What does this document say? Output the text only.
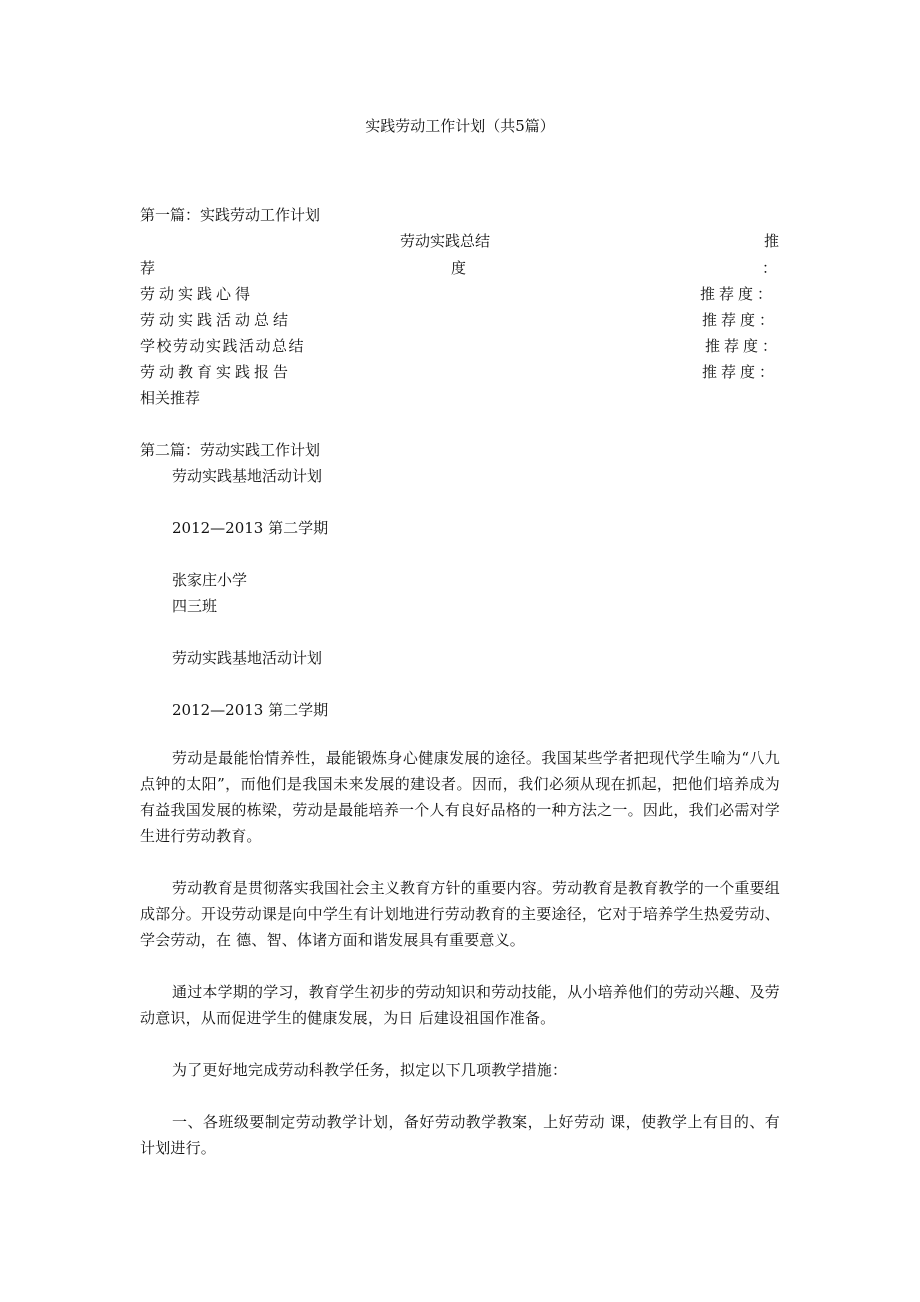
实践劳动工作计划（共5篇）
第一篇：实践劳动工作计划
劳动实践总结	推
荐	度	：
劳动实践心得	推荐度：
劳动实践活动总结	推荐度：
学校劳动实践活动总结	推荐度：
劳动教育实践报告	推荐度：
相关推荐
第二篇：劳动实践工作计划
劳动实践基地活动计划
2012—2013 第二学期
张家庄小学
四三班
劳动实践基地活动计划
2012—2013 第二学期
劳动是最能怡情养性，最能锻炼身心健康发展的途径。我国某些学者把现代学生喻为“八九点钟的太阳”，而他们是我国未来发展的建设者。因而，我们必须从现在抓起，把他们培养成为有益我国发展的栋梁，劳动是最能培养一个人有良好品格的一种方法之一。因此，我们必需对学生进行劳动教育。
劳动教育是贯彻落实我国社会主义教育方针的重要内容。劳动教育是教育教学的一个重要组成部分。开设劳动课是向中学生有计划地进行劳动教育的主要途径，它对于培养学生热爱劳动、学会劳动，在 德、智、体诸方面和谐发展具有重要意义。
通过本学期的学习，教育学生初步的劳动知识和劳动技能，从小培养他们的劳动兴趣、及劳动意识，从而促进学生的健康发展，为日 后建设祖国作准备。
为了更好地完成劳动科教学任务，拟定以下几项教学措施：
一、各班级要制定劳动教学计划，备好劳动教学教案，上好劳动 课，使教学上有目的、有计划进行。
